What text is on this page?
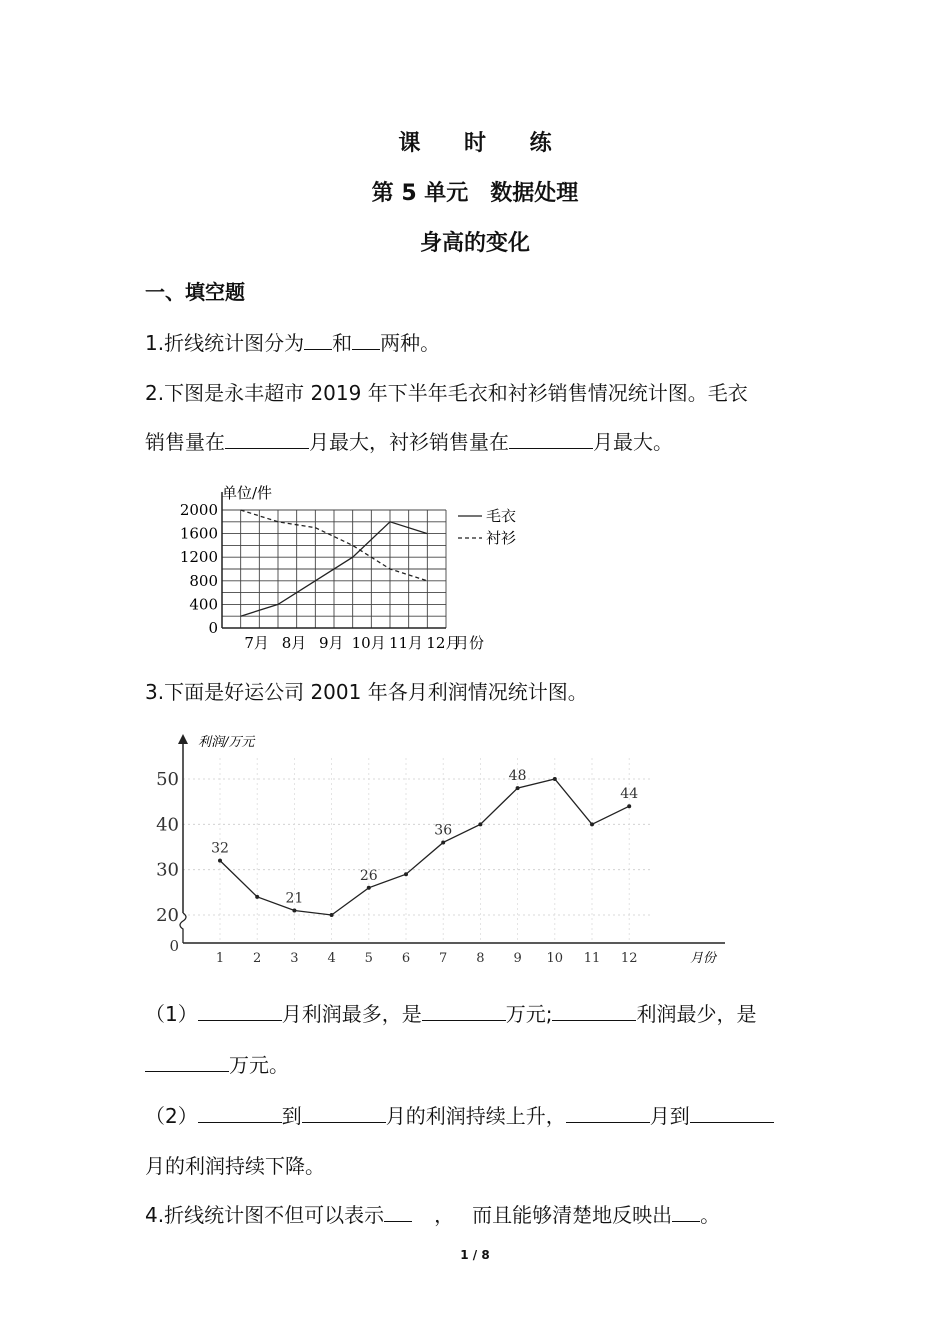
课 时 练
第 5 单元　数据处理
身高的变化
一、填空题
1.折线统计图分为 和 两种。
2.下图是永丰超市 2019 年下半年毛衣和衬衫销售情况统计图。毛衣
销售量在	月最大，衬衫销售量在	月最大。
0
400
800
1200
1600
2000
7月 8月 9月 10月 11月 12月
单位/件
月份
毛衣
衬衫
3.下面是好运公司 2001 年各月利润情况统计图。
0
20
30
40
50
1 2 3 4 5 6 7 8 9 10 11 12
32
21
26
36
48
44
利润/万元
月份
（1）	月利润最多，是	万元;	利润最少，是
万元。
（2）	到	月的利润持续上升，	月到
月的利润持续下降。
4.折线统计图不但可以表示	， 而且能够清楚地反映出 。
1 / 8
